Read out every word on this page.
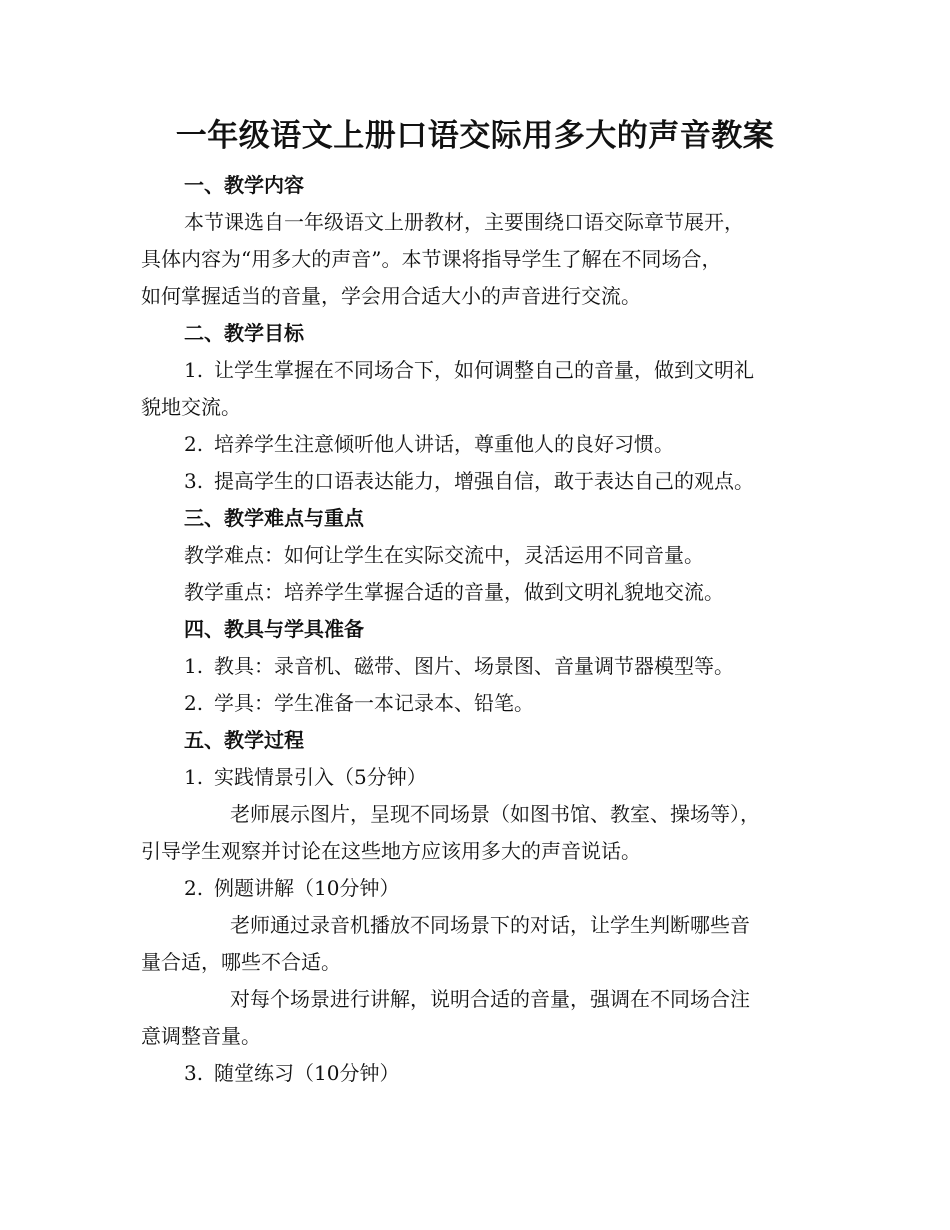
一年级语文上册口语交际用多大的声音教案
一、教学内容
本节课选自一年级语文上册教材，主要围绕口语交际章节展开，
具体内容为“用多大的声音”。本节课将指导学生了解在不同场合，
如何掌握适当的音量，学会用合适大小的声音进行交流。
二、教学目标
1. 让学生掌握在不同场合下，如何调整自己的音量，做到文明礼
貌地交流。
2. 培养学生注意倾听他人讲话，尊重他人的良好习惯。
3. 提高学生的口语表达能力，增强自信，敢于表达自己的观点。
三、教学难点与重点
教学难点：如何让学生在实际交流中，灵活运用不同音量。
教学重点：培养学生掌握合适的音量，做到文明礼貌地交流。
四、教具与学具准备
1. 教具：录音机、磁带、图片、场景图、音量调节器模型等。
2. 学具：学生准备一本记录本、铅笔。
五、教学过程
1. 实践情景引入（5分钟）
老师展示图片，呈现不同场景（如图书馆、教室、操场等），
引导学生观察并讨论在这些地方应该用多大的声音说话。
2. 例题讲解（10分钟）
老师通过录音机播放不同场景下的对话，让学生判断哪些音
量合适，哪些不合适。
对每个场景进行讲解，说明合适的音量，强调在不同场合注
意调整音量。
3. 随堂练习（10分钟）
